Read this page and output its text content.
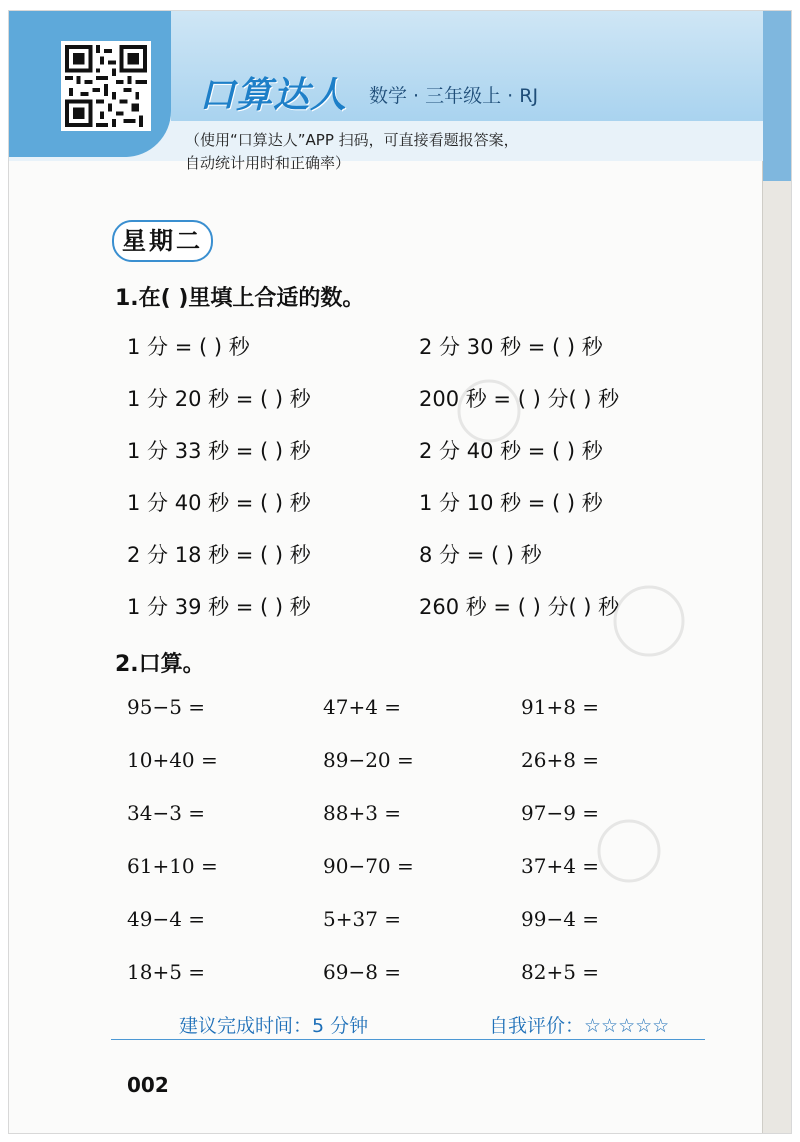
口算达人 数学 · 三年级上 · RJ
（使用“口算达人”APP 扫码，可直接看题报答案，
自动统计用时和正确率）
星期二
1.在( )里填上合适的数。
1 分 = ( ) 秒	2 分 30 秒 = ( ) 秒
1 分 20 秒 = ( ) 秒	200 秒 = ( ) 分( ) 秒
1 分 33 秒 = ( ) 秒	2 分 40 秒 = ( ) 秒
1 分 40 秒 = ( ) 秒	1 分 10 秒 = ( ) 秒
2 分 18 秒 = ( ) 秒	8 分 = ( ) 秒
1 分 39 秒 = ( ) 秒	260 秒 = ( ) 分( ) 秒
2.口算。
95−5 =	47+4 =	91+8 =
10+40 =	89−20 =	26+8 =
34−3 =	88+3 =	97−9 =
61+10 =	90−70 =	37+4 =
49−4 =	5+37 =	99−4 =
18+5 =	69−8 =	82+5 =
建议完成时间：5 分钟	自我评价：☆☆☆☆☆
002
